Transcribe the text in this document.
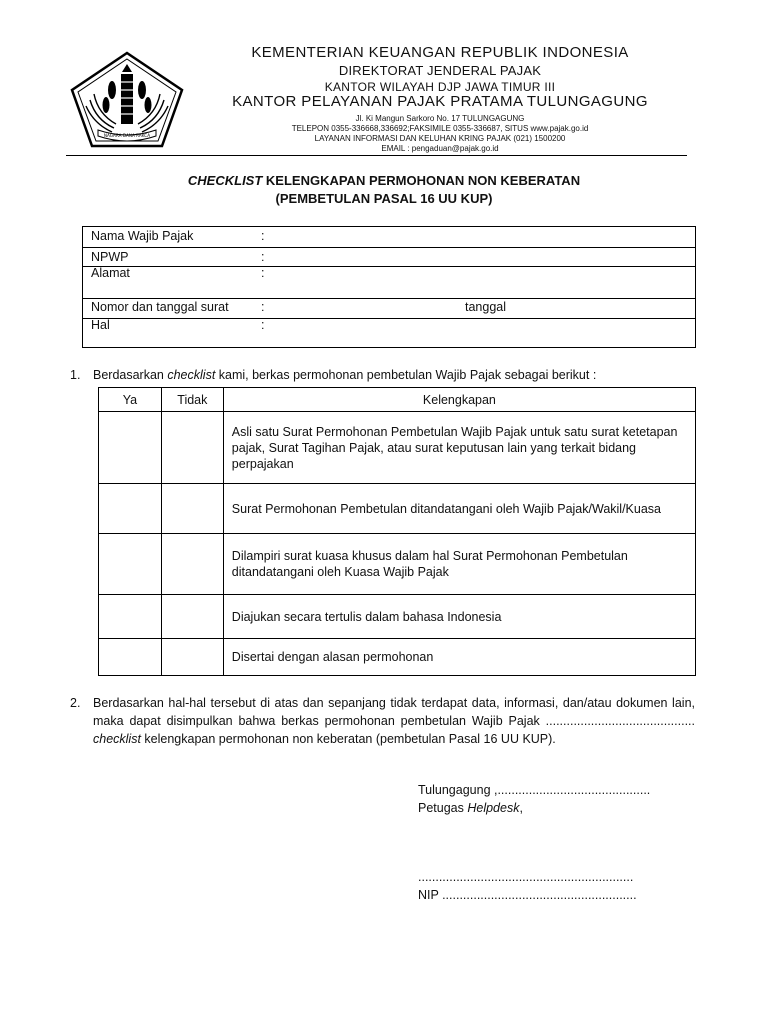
NAGARA DANA RAKCA
KEMENTERIAN KEUANGAN REPUBLIK INDONESIA
DIREKTORAT JENDERAL PAJAK
KANTOR WILAYAH DJP JAWA TIMUR III
KANTOR PELAYANAN PAJAK PRATAMA TULUNGAGUNG
Jl. Ki Mangun Sarkoro No. 17 TULUNGAGUNG
TELEPON 0355-336668,336692;FAKSIMILE 0355-336687, SITUS www.pajak.go.id
LAYANAN INFORMASI DAN KELUHAN KRING PAJAK (021) 1500200
EMAIL : pengaduan@pajak.go.id
CHECKLIST KELENGKAPAN PERMOHONAN NON KEBERATAN
(PEMBETULAN PASAL 16 UU KUP)
Nama Wajib Pajak	:
NPWP	:
Alamat	:
Nomor dan tanggal surat	:	tanggal
Hal	:
1. Berdasarkan checklist kami, berkas permohonan pembetulan Wajib Pajak sebagai berikut :
Ya	Tidak	Kelengkapan
		Asli satu Surat Permohonan Pembetulan Wajib Pajak untuk satu surat ketetapan pajak, Surat Tagihan Pajak, atau surat keputusan lain yang terkait bidang perpajakan
		Surat Permohonan Pembetulan ditandatangani oleh Wajib Pajak/Wakil/Kuasa
		Dilampiri surat kuasa khusus dalam hal Surat Permohonan Pembetulan ditandatangani oleh Kuasa Wajib Pajak
		Diajukan secara tertulis dalam bahasa Indonesia
		Disertai dengan alasan permohonan
2. Berdasarkan hal-hal tersebut di atas dan sepanjang tidak terdapat data, informasi, dan/atau dokumen lain, maka dapat disimpulkan bahwa berkas permohonan pembetulan Wajib Pajak ........................................... checklist kelengkapan permohonan non keberatan (pembetulan Pasal 16 UU KUP).
Tulungagung ,............................................
Petugas Helpdesk,
..............................................................
NIP ........................................................
